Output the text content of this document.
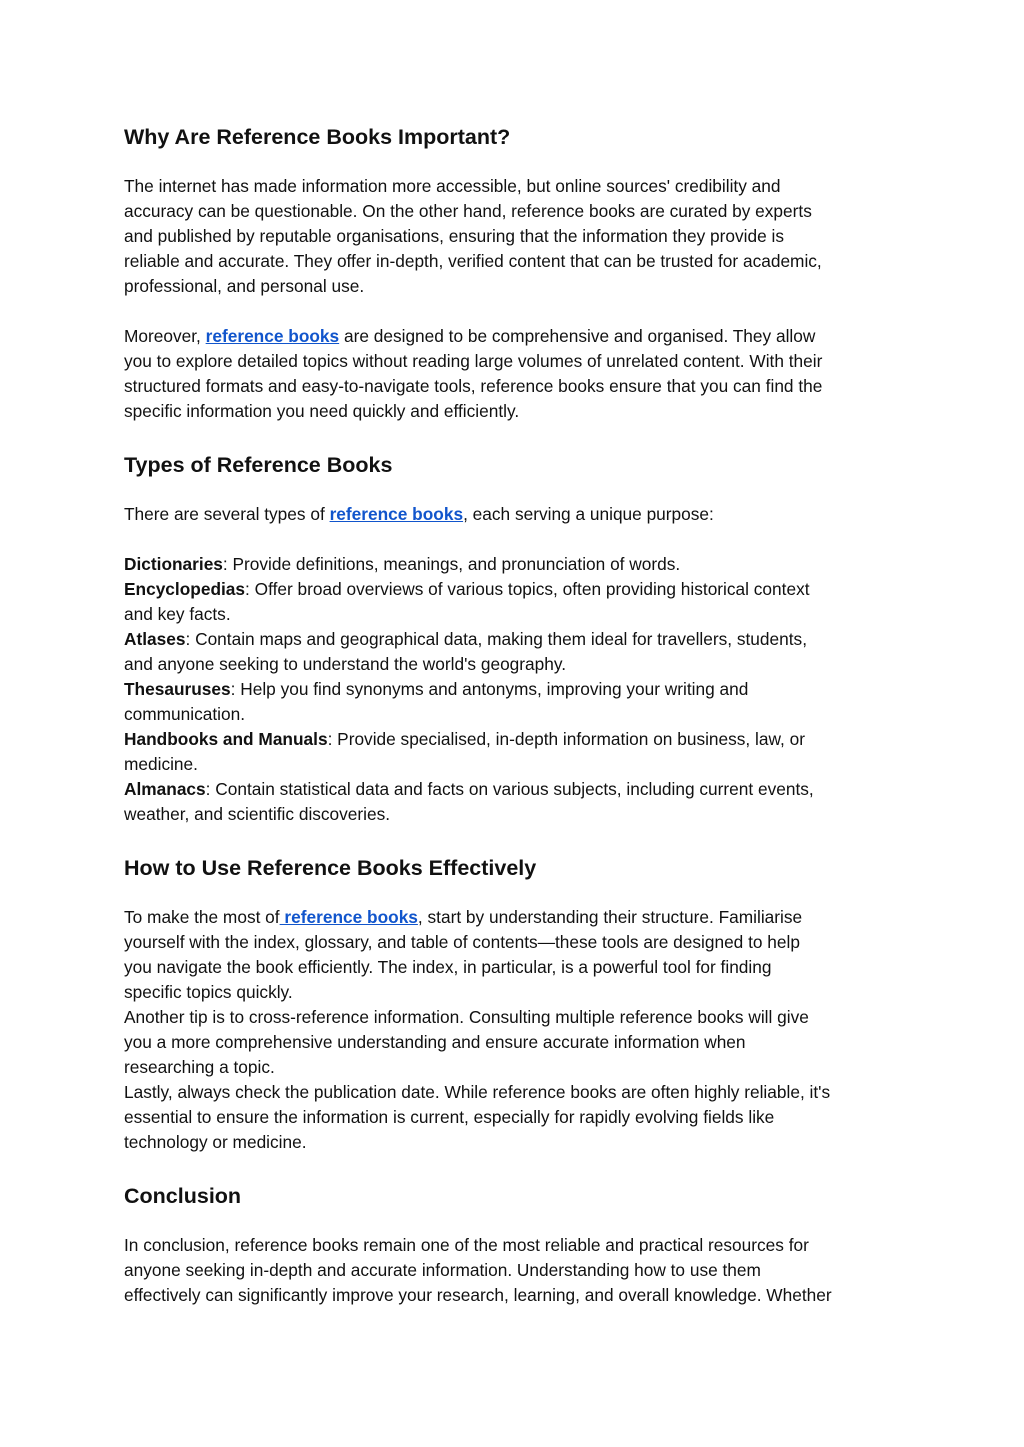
Why Are Reference Books Important?

The internet has made information more accessible, but online sources' credibility and
accuracy can be questionable. On the other hand, reference books are curated by experts
and published by reputable organisations, ensuring that the information they provide is
reliable and accurate. They offer in-depth, verified content that can be trusted for academic,
professional, and personal use.

Moreover, reference books are designed to be comprehensive and organised. They allow
you to explore detailed topics without reading large volumes of unrelated content. With their
structured formats and easy-to-navigate tools, reference books ensure that you can find the
specific information you need quickly and efficiently.

Types of Reference Books

There are several types of reference books, each serving a unique purpose:

Dictionaries: Provide definitions, meanings, and pronunciation of words.

Encyclopedias: Offer broad overviews of various topics, often providing historical context
and key facts.

Atlases: Contain maps and geographical data, making them ideal for travellers, students,
and anyone seeking to understand the world's geography.

Thesauruses: Help you find synonyms and antonyms, improving your writing and
communication.

Handbooks and Manuals: Provide specialised, in-depth information on business, law, or
medicine.

Almanacs: Contain statistical data and facts on various subjects, including current events,
weather, and scientific discoveries.

How to Use Reference Books Effectively

To make the most of reference books, start by understanding their structure. Familiarise
yourself with the index, glossary, and table of contents—these tools are designed to help
you navigate the book efficiently. The index, in particular, is a powerful tool for finding
specific topics quickly.

Another tip is to cross-reference information. Consulting multiple reference books will give
you a more comprehensive understanding and ensure accurate information when
researching a topic.

Lastly, always check the publication date. While reference books are often highly reliable, it's
essential to ensure the information is current, especially for rapidly evolving fields like
technology or medicine.

Conclusion

In conclusion, reference books remain one of the most reliable and practical resources for
anyone seeking in-depth and accurate information. Understanding how to use them
effectively can significantly improve your research, learning, and overall knowledge. Whether
